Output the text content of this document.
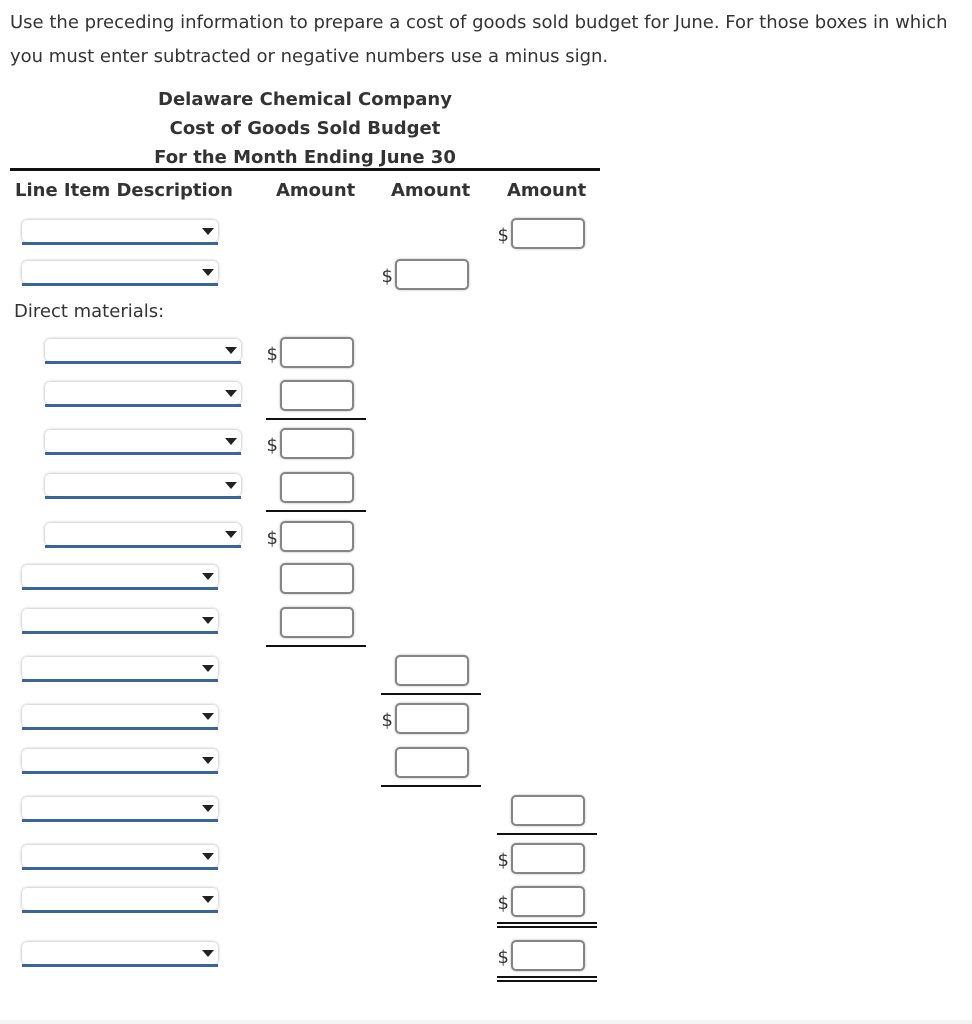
Use the preceding information to prepare a cost of goods sold budget for June. For those boxes in which you must enter subtracted or negative numbers use a minus sign.
Delaware Chemical Company
Cost of Goods Sold Budget
For the Month Ending June 30
Line Item Description Amount Amount Amount
Direct materials:
$
$
$
$
$
$
$
$
$
